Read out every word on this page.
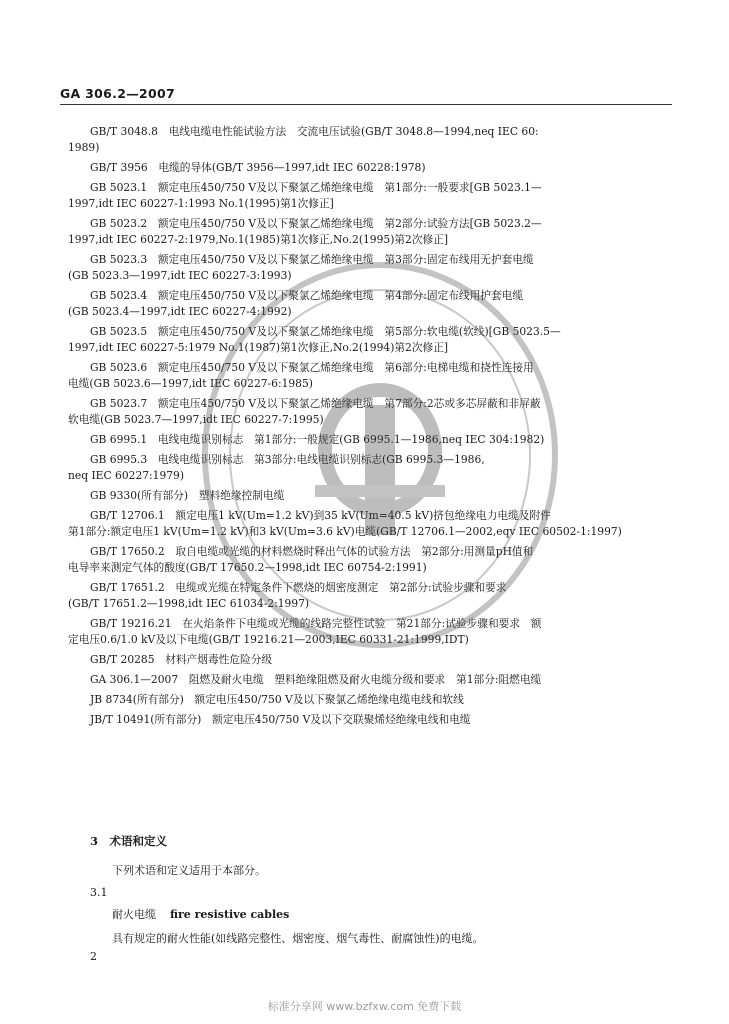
GA 306.2—2007
GB/T 3048.8　电线电缆电性能试验方法　交流电压试验(GB/T 3048.8—1994,neq IEC 60:
1989)
GB/T 3956　电缆的导体(GB/T 3956—1997,idt IEC 60228:1978)
GB 5023.1　额定电压450/750 V及以下聚氯乙烯绝缘电缆　第1部分:一般要求[GB 5023.1—
1997,idt IEC 60227-1:1993 No.1(1995)第1次修正]
GB 5023.2　额定电压450/750 V及以下聚氯乙烯绝缘电缆　第2部分:试验方法[GB 5023.2—
1997,idt IEC 60227-2:1979,No.1(1985)第1次修正,No.2(1995)第2次修正]
GB 5023.3　额定电压450/750 V及以下聚氯乙烯绝缘电缆　第3部分:固定布线用无护套电缆
(GB 5023.3—1997,idt IEC 60227-3:1993)
GB 5023.4　额定电压450/750 V及以下聚氯乙烯绝缘电缆　第4部分:固定布线用护套电缆
(GB 5023.4—1997,idt IEC 60227-4:1992)
GB 5023.5　额定电压450/750 V及以下聚氯乙烯绝缘电缆　第5部分:软电缆(软线)[GB 5023.5—
1997,idt IEC 60227-5:1979 No.1(1987)第1次修正,No.2(1994)第2次修正]
GB 5023.6　额定电压450/750 V及以下聚氯乙烯绝缘电缆　第6部分:电梯电缆和挠性连接用
电缆(GB 5023.6—1997,idt IEC 60227-6:1985)
GB 5023.7　额定电压450/750 V及以下聚氯乙烯绝缘电缆　第7部分:2芯或多芯屏蔽和非屏蔽
软电缆(GB 5023.7—1997,idt IEC 60227-7:1995)
GB 6995.1　电线电缆识别标志　第1部分:一般规定(GB 6995.1—1986,neq IEC 304:1982)
GB 6995.3　电线电缆识别标志　第3部分:电线电缆识别标志(GB 6995.3—1986,
neq IEC 60227:1979)
GB 9330(所有部分)　塑料绝缘控制电缆
GB/T 12706.1　额定电压1 kV(Um=1.2 kV)到35 kV(Um=40.5 kV)挤包绝缘电力电缆及附件
第1部分:额定电压1 kV(Um=1.2 kV)和3 kV(Um=3.6 kV)电缆(GB/T 12706.1—2002,eqv IEC 60502-1:1997)
GB/T 17650.2　取自电缆或光缆的材料燃烧时释出气体的试验方法　第2部分:用测量pH值和
电导率来测定气体的酸度(GB/T 17650.2—1998,idt IEC 60754-2:1991)
GB/T 17651.2　电缆或光缆在特定条件下燃烧的烟密度测定　第2部分:试验步骤和要求
(GB/T 17651.2—1998,idt IEC 61034-2:1997)
GB/T 19216.21　在火焰条件下电缆或光缆的线路完整性试验　第21部分:试验步骤和要求　额
定电压0.6/1.0 kV及以下电缆(GB/T 19216.21—2003,IEC 60331-21:1999,IDT)
GB/T 20285　材料产烟毒性危险分级
GA 306.1—2007　阻燃及耐火电缆　塑料绝缘阻燃及耐火电缆分级和要求　第1部分:阻燃电缆
JB 8734(所有部分)　额定电压450/750 V及以下聚氯乙烯绝缘电缆电线和软线
JB/T 10491(所有部分)　额定电压450/750 V及以下交联聚烯烃绝缘电线和电缆
3　术语和定义
下列术语和定义适用于本部分。
3.1
耐火电缆 fire resistive cables
具有规定的耐火性能(如线路完整性、烟密度、烟气毒性、耐腐蚀性)的电缆。
2
标准分享网 www.bzfxw.com 免费下载
